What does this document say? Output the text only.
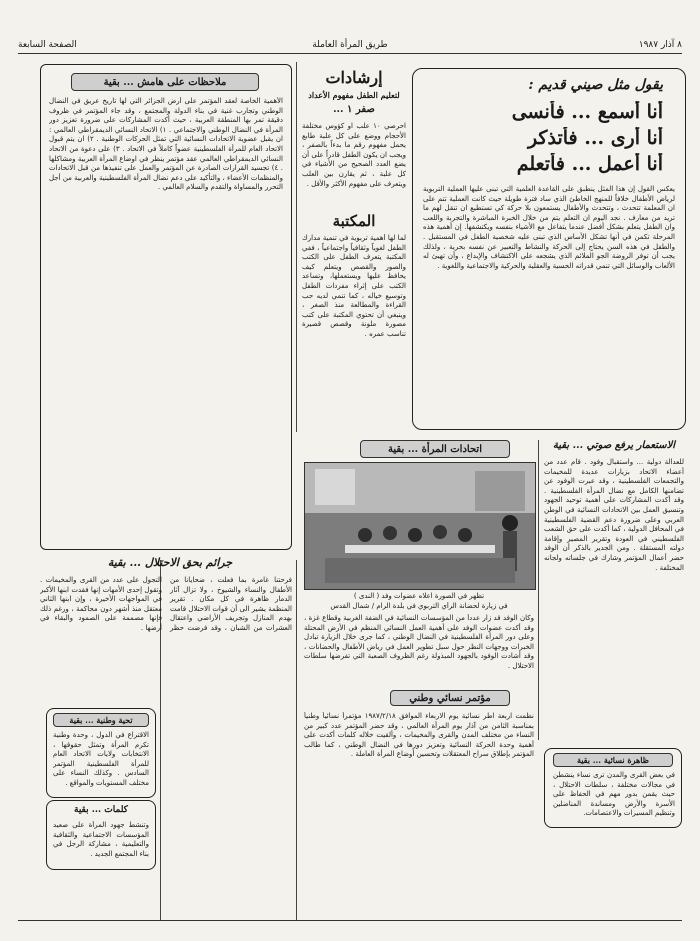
٨ آذار ١٩٨٧
طريق المرأة العاملة
الصفحة السابعة
يقول مثل صيني قديم :
أنا أسمع ... فأنسى
أنا أرى ... فأتذكر
أنا أعمل ... فأتعلم
يعكس القول إن هذا المثل ينطبق على القاعدة العلمية التي تبنى عليها العملية التربوية لرياض الأطفال خلافاً للمنهج الخاطئ الذي ساد فترة طويلة حيث كانت العملية تتم على ان المعلمة تتحدث ، وتتحدث والأطفال يستمعون بلا حركة كي تستطيع ان تنقل لهم ما تريد من معارف . نجد اليوم ان التعلم يتم من خلال الخبرة المباشرة والتجربة واللعب وان الطفل يتعلم بشكل أفضل عندما يتفاعل مع الأشياء بنفسه ويكتشفها. إن أهمية هذه المرحلة تكمن في أنها تشكل الأساس الذي تبنى عليه شخصية الطفل في المستقبل . والطفل في هذه السن يحتاج إلى الحركة والنشاط والتعبير عن نفسه بحرية ، ولذلك يجب أن توفر الروضة الجو الملائم الذي يشجعه على الاكتشاف والإبداع ، وأن تهيئ له الألعاب والوسائل التي تنمي قدراته الحسية والعقلية والحركية والاجتماعية واللغوية .
إرشادات
لتعليم الطفل مفهوم الأعداد
صفر ١ ...
احرصي ١٠ علب او كؤوس مختلفة الأحجام ووضع على كل علبة طابع يحمل مفهوم رقم ما بدءاً بالصفر ، ويجب ان يكون الطفل قادراً على أن يضع العدد الصحيح من الأشياء في كل علبة ، ثم يقارن بين العلب ويتعرف على مفهوم الأكثر والأقل .
المكتبة
لما لها أهمية تربوية في تنمية مدارك الطفل لغوياً وثقافياً واجتماعياً ، ففي المكتبة يتعرف الطفل على الكتب والصور والقصص ويتعلم كيف يحافظ عليها ويستعملها، وتساعد الكتب على إثراء مفردات الطفل وتوسيع خياله ، كما تنمي لديه حب القراءة والمطالعة منذ الصغر ، وينبغي أن تحتوي المكتبة على كتب مصورة ملونة وقصص قصيرة تناسب عمره .
ملاحظات على هامش ... بقية
الأهمية الخاصة لعقد المؤتمر على أرض الجزائر التي لها تاريخ عريق في النضال الوطني وتجارب غنية في بناء الدولة والمجتمع ، وقد جاء المؤتمر في ظروف دقيقة تمر بها المنطقة العربية ، حيث أكدت المشاركات على ضرورة تعزيز دور المرأة في النضال الوطني والاجتماعي . ١) الاتحاد النسائي الديمقراطي العالمي : ان يقبل عضوية الاتحادات النسائية التي تمثل الحركات الوطنية . ٢) ان يتم قبول الاتحاد العام للمرأة الفلسطينية عضواً كاملاً في الاتحاد . ٣) على دعوة من الاتحاد النسائي الديمقراطي العالمي عقد مؤتمر ينظر في اوضاع المرأة العربية ومشاكلها . ٤) تجسيد القرارات الصادرة عن المؤتمر والعمل على تنفيذها من قبل الاتحادات والمنظمات الأعضاء ، والتأكيد على دعم نضال المرأة الفلسطينية والعربية من أجل التحرر والمساواة والتقدم والسلام العالمي .
الاستعمار يرفع صوتي ... بقية
للعدالة دولية ... واستقبال وفود . قام عدد من أعضاء الاتحاد بزيارات عديدة للمخيمات والتجمعات الفلسطينية ، وقد عبرت الوفود عن تضامنها الكامل مع نضال المرأة الفلسطينية . وقد أكدت المشاركات على أهمية توحيد الجهود وتنسيق العمل بين الاتحادات النسائية في الوطن العربي وعلى ضرورة دعم القضية الفلسطينية في المحافل الدولية ، كما أكدت على حق الشعب الفلسطيني في العودة وتقرير المصير وإقامة دولته المستقلة . ومن الجدير بالذكر أن الوفد حضر أعمال المؤتمر وشارك في جلساته ولجانه المختلفة .
اتحادات المرأة ... بقية
تظهر في الصورة اعلاه عضوات وفد ( الندى )
في زيارة لحضانة الرأي التربوي في بلدة الرام / شمال القدس
وكان الوفد قد زار عدداً من المؤسسات النسائية في الضفة الغربية وقطاع غزة ، وقد أكدت عضوات الوفد على أهمية العمل النسائي المنظم في الأرض المحتلة وعلى دور المرأة الفلسطينية في النضال الوطني ، كما جرى خلال الزيارة تبادل الخبرات ووجهات النظر حول سبل تطوير العمل في رياض الأطفال والحضانات ، وقد أشادت الوفود بالجهود المبذولة رغم الظروف الصعبة التي تفرضها سلطات الاحتلال .
جرائم بحق الاحتلال ... بقية
فرحتنا غامرة بما فعلت ، ضحايانا من الأطفال والنساء والشيوخ ، ولا تزال آثار الدمار ظاهرة في كل مكان . تقرير المنظمة يشير الى أن قوات الاحتلال قامت بهدم المنازل وتجريف الأراضي واعتقال العشرات من الشبان ، وقد فرضت حظر التجول على عدد من القرى والمخيمات . وتقول إحدى الأمهات إنها فقدت ابنها الأكبر في المواجهات الأخيرة ، وإن ابنها الثاني معتقل منذ أشهر دون محاكمة ، ورغم ذلك فإنها مصممة على الصمود والبقاء في أرضها .
مؤتمر نسائي وطني
نظمت اربعة اطر نسائية يوم الاربعاء الموافق ١٩٨٧/٢/١٨ مؤتمراً نسائياً وطنياً بمناسبة الثامن من آذار يوم المرأة العالمي ، وقد حضر المؤتمر عدد كبير من النساء من مختلف المدن والقرى والمخيمات ، وألقيت خلاله كلمات أكدت على أهمية وحدة الحركة النسائية وتعزيز دورها في النضال الوطني ، كما طالب المؤتمر بإطلاق سراح المعتقلات وتحسين أوضاع المرأة العاملة .
تحية وطنية ... بقية
الاقتراع في الدول ، وحدة وطنية تكرم المرأة وتمثل حقوقها ، الانتخابات ولايات الاتحاد العام للمرأة الفلسطينية المؤتمر السادس . وكذلك النساء على مختلف المستويات والمواقع .
كلمات ... بقية
وتنشط جهود المرأة على صعيد المؤسسات الاجتماعية والثقافية والتعليمية ، مشاركة الرجل في بناء المجتمع الجديد .
ظاهرة نسائية ... بقية
في بعض القرى والمدن ترى نساء ينشطن في مجالات مختلفة ، سلطات الاحتلال ، حيث يقمن بدور مهم في الحفاظ على الأسرة والأرض ومساندة المناضلين وتنظيم المسيرات والاعتصامات.
